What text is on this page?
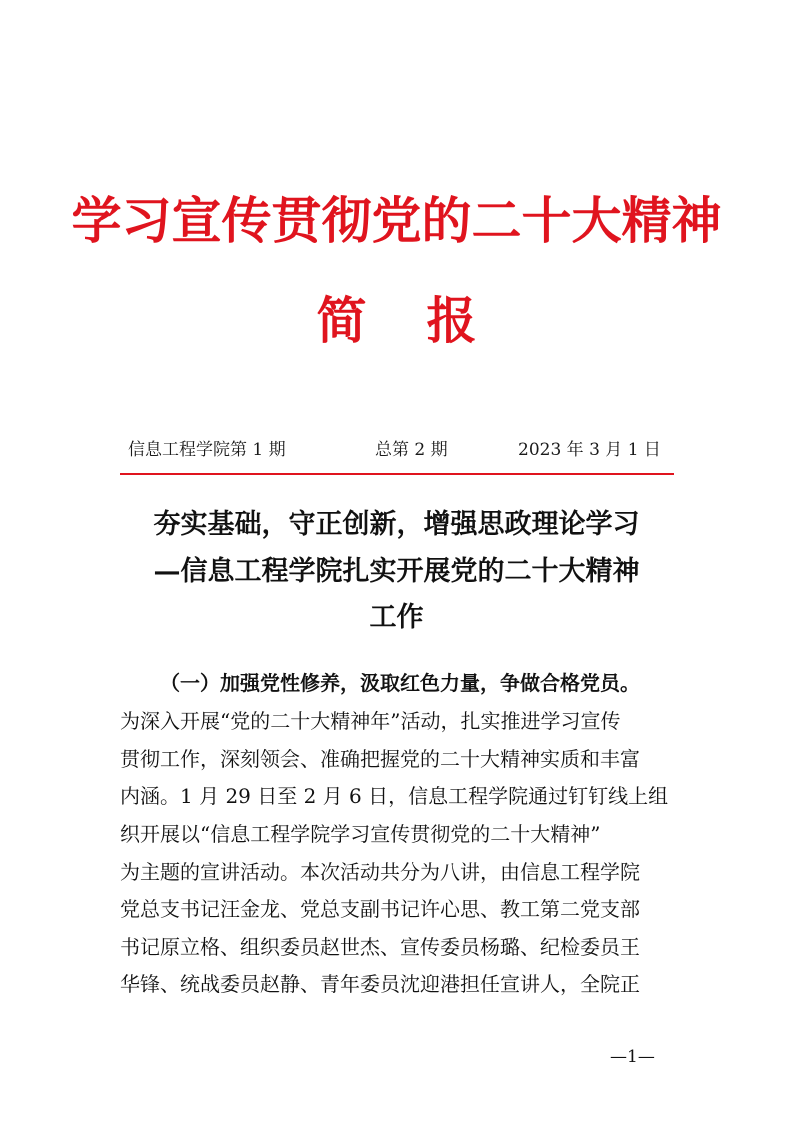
学习宣传贯彻党的二十大精神
简 报
信息工程学院第 1 期	总第 2 期	2023 年 3 月 1 日
夯实基础，守正创新，增强思政理论学习
—信息工程学院扎实开展党的二十大精神
工作
（一）加强党性修养，汲取红色力量，争做合格党员。
为深入开展“党的二十大精神年”活动，扎实推进学习宣传
贯彻工作，深刻领会、准确把握党的二十大精神实质和丰富
内涵。1 月 29 日至 2 月 6 日，信息工程学院通过钉钉线上组
织开展以“信息工程学院学习宣传贯彻党的二十大精神”
为主题的宣讲活动。本次活动共分为八讲，由信息工程学院
党总支书记汪金龙、党总支副书记许心思、教工第二党支部
书记原立格、组织委员赵世杰、宣传委员杨璐、纪检委员王
华锋、统战委员赵静、青年委员沈迎港担任宣讲人，全院正
—1—
